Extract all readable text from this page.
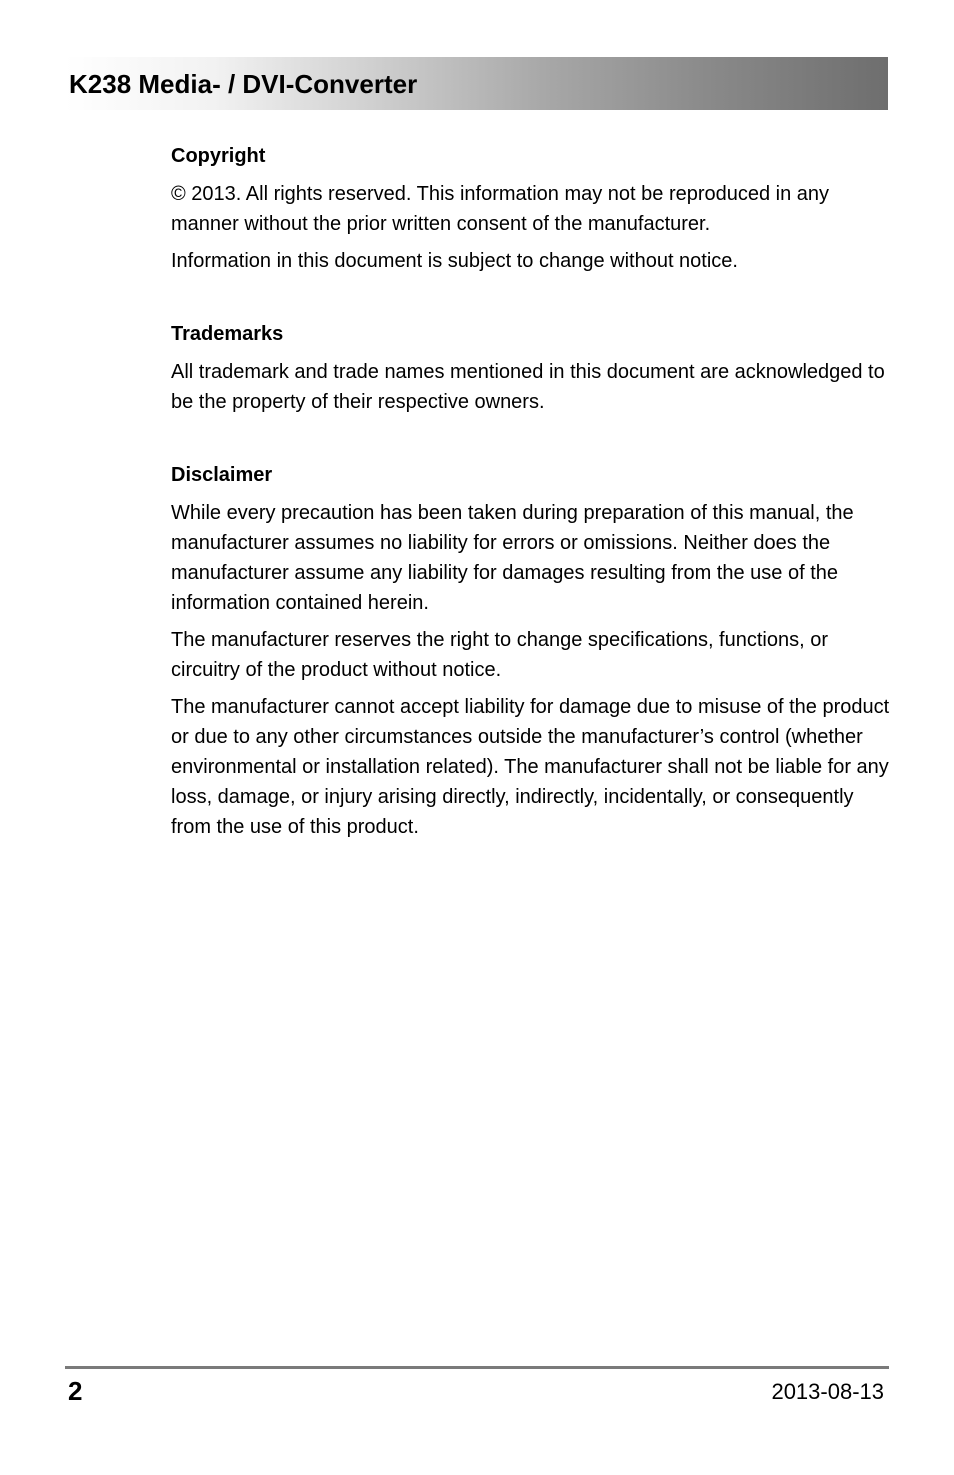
K238 Media- / DVI-Converter
Copyright

© 2013. All rights reserved. This information may not be reproduced in any manner without the prior written consent of the manufacturer.

Information in this document is subject to change without notice.

Trademarks

All trademark and trade names mentioned in this document are acknowledged to be the property of their respective owners.

Disclaimer

While every precaution has been taken during preparation of this manual, the manufacturer assumes no liability for errors or omissions. Neither does the manufacturer assume any liability for damages resulting from the use of the information contained herein.

The manufacturer reserves the right to change specifications, functions, or circuitry of the product without notice.

The manufacturer cannot accept liability for damage due to misuse of the product or due to any other circumstances outside the manufacturer’s control (whether environmental or installation related). The manufacturer shall not be liable for any loss, damage, or injury arising directly, indirectly, incidentally, or consequently from the use of this product.

2	2013-08-13
